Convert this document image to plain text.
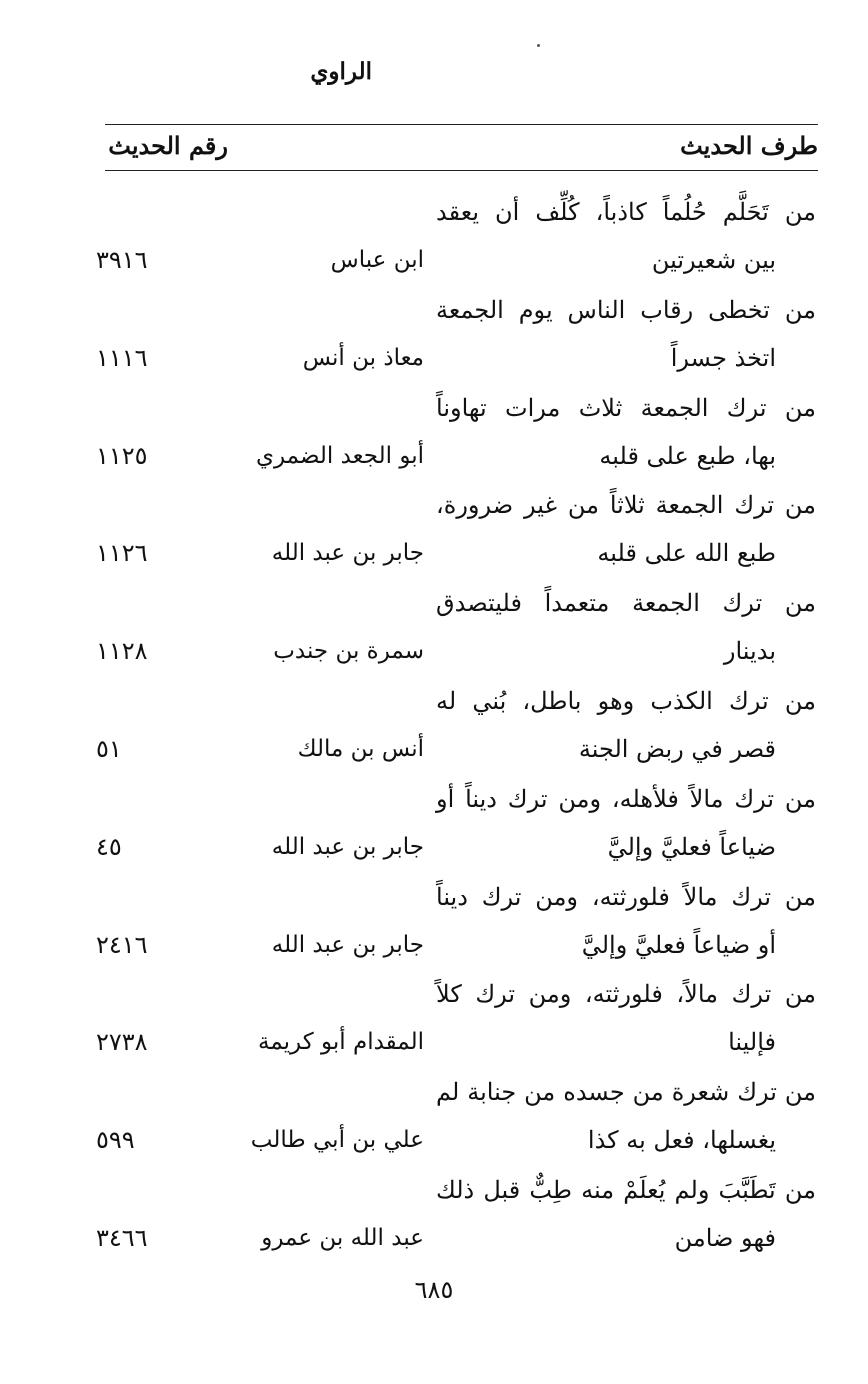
طرف الحديث
الراوي
رقم الحديث
من تَحَلَّم حُلُماً كاذباً، كُلِّف أن يعقد
بين شعيرتين
ابن عباس
٣٩١٦
من تخطى رقاب الناس يوم الجمعة
اتخذ جسراً
معاذ بن أنس
١١١٦
من ترك الجمعة ثلاث مرات تهاوناً
بها، طبع على قلبه
أبو الجعد الضمري
١١٢٥
من ترك الجمعة ثلاثاً من غير ضرورة،
طبع الله على قلبه
جابر بن عبد الله
١١٢٦
من ترك الجمعة متعمداً فليتصدق
بدينار
سمرة بن جندب
١١٢٨
من ترك الكذب وهو باطل، بُني له
قصر في ربض الجنة
أنس بن مالك
٥١
من ترك مالاً فلأهله، ومن ترك ديناً أو
ضياعاً فعليَّ وإليَّ
جابر بن عبد الله
٤٥
من ترك مالاً فلورثته، ومن ترك ديناً
أو ضياعاً فعليَّ وإليَّ
جابر بن عبد الله
٢٤١٦
من ترك مالاً، فلورثته، ومن ترك كلاً
فإلينا
المقدام أبو كريمة
٢٧٣٨
من ترك شعرة من جسده من جنابة لم
يغسلها، فعل به كذا
علي بن أبي طالب
٥٩٩
من تَطَبَّبَ ولم يُعلَمْ منه طِبٌّ قبل ذلك
فهو ضامن
عبد الله بن عمرو
٣٤٦٦
٦٨٥
